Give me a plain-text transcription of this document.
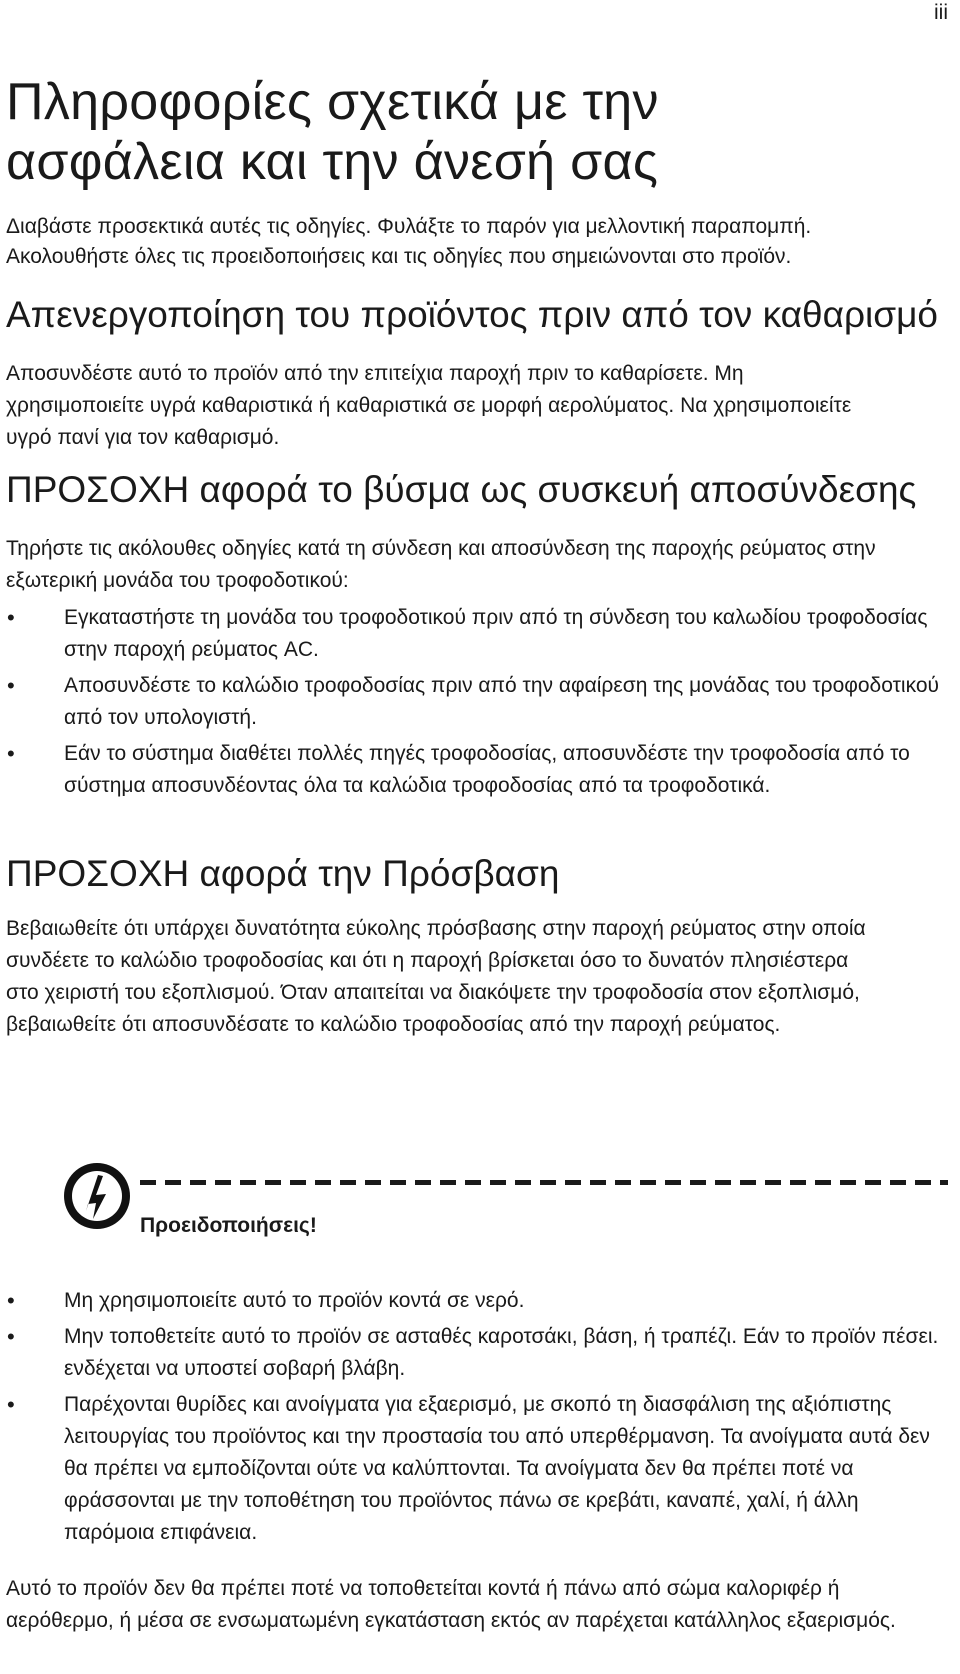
iii

Πληροφορίες σχετικά με την ασφάλεια και την άνεσή σας

Διαβάστε προσεκτικά αυτές τις οδηγίες. Φυλάξτε το παρόν για μελλοντική παραπομπή.

Ακολουθήστε όλες τις προειδοποιήσεις και τις οδηγίες που σημειώνονται στο προϊόν.

Απενεργοποίηση του προϊόντος πριν από τον καθαρισμό

Αποσυνδέστε αυτό το προϊόν από την επιτείχια παροχή πριν το καθαρίσετε. Μη χρησιμοποιείτε υγρά καθαριστικά ή καθαριστικά σε μορφή αερολύματος. Να χρησιμοποιείτε υγρό πανί για τον καθαρισμό.

ΠΡΟΣΟΧΗ αφορά το βύσμα ως συσκευή αποσύνδεσης

Τηρήστε τις ακόλουθες οδηγίες κατά τη σύνδεση και αποσύνδεση της παροχής ρεύματος στην εξωτερική μονάδα του τροφοδοτικού:

• Εγκαταστήστε τη μονάδα του τροφοδοτικού πριν από τη σύνδεση του καλωδίου τροφοδοσίας στην παροχή ρεύματος AC.
• Αποσυνδέστε το καλώδιο τροφοδοσίας πριν από την αφαίρεση της μονάδας του τροφοδοτικού από τον υπολογιστή.
• Εάν το σύστημα διαθέτει πολλές πηγές τροφοδοσίας, αποσυνδέστε την τροφοδοσία από το σύστημα αποσυνδέοντας όλα τα καλώδια τροφοδοσίας από τα τροφοδοτικά.
ΠΡΟΣΟΧΗ αφορά την Πρόσβαση

Βεβαιωθείτε ότι υπάρχει δυνατότητα εύκολης πρόσβασης στην παροχή ρεύματος στην οποία συνδέετε το καλώδιο τροφοδοσίας και ότι η παροχή βρίσκεται όσο το δυνατόν πλησιέστερα στο χειριστή του εξοπλισμού. Όταν απαιτείται να διακόψετε την τροφοδοσία στον εξοπλισμό, βεβαιωθείτε ότι αποσυνδέσατε το καλώδιο τροφοδοσίας από την παροχή ρεύματος.

Προειδοποιήσεις!

• Μη χρησιμοποιείτε αυτό το προϊόν κοντά σε νερό.
• Μην τοποθετείτε αυτό το προϊόν σε ασταθές καροτσάκι, βάση, ή τραπέζι. Εάν το προϊόν πέσει. ενδέχεται να υποστεί σοβαρή βλάβη.
• Παρέχονται θυρίδες και ανοίγματα για εξαερισμό, με σκοπό τη διασφάλιση της αξιόπιστης λειτουργίας του προϊόντος και την προστασία του από υπερθέρμανση. Τα ανοίγματα αυτά δεν θα πρέπει να εμποδίζονται ούτε να καλύπτονται. Τα ανοίγματα δεν θα πρέπει ποτέ να φράσσονται με την τοποθέτηση του προϊόντος πάνω σε κρεβάτι, καναπέ, χαλί, ή άλλη παρόμοια επιφάνεια.

Αυτό το προϊόν δεν θα πρέπει ποτέ να τοποθετείται κοντά ή πάνω από σώμα καλοριφέρ ή αερόθερμο, ή μέσα σε ενσωματωμένη εγκατάσταση εκτός αν παρέχεται κατάλληλος εξαερισμός.
